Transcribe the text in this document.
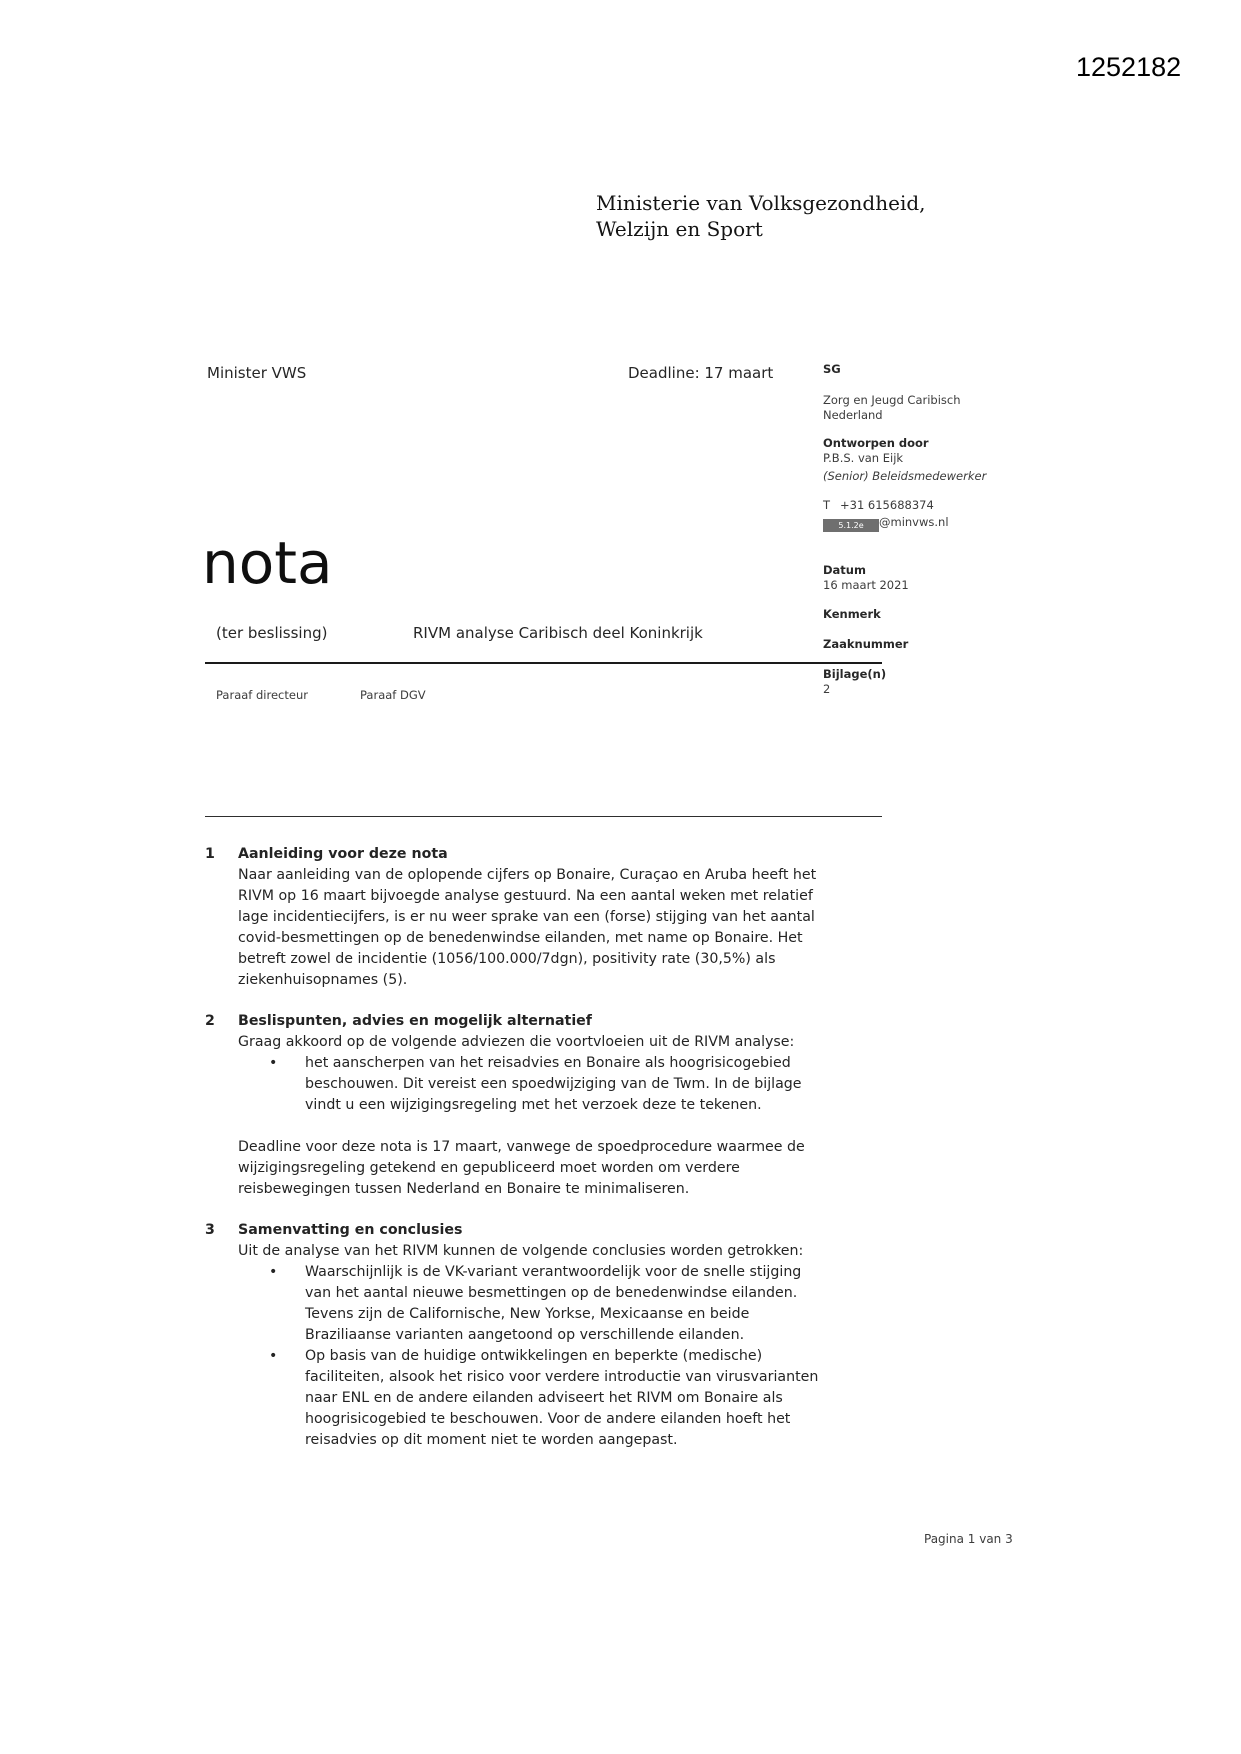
1252182
Ministerie van Volksgezondheid,
Welzijn en Sport
Minister VWS	Deadline: 17 maart	SG
Zorg en Jeugd Caribisch Nederland
Ontworpen door
P.B.S. van Eijk
(Senior) Beleidsmedewerker
T +31 615688374
5.1.2e @minvws.nl
Datum
16 maart 2021
Kenmerk
Zaaknummer
Bijlage(n)
2
nota
(ter beslissing)	RIVM analyse Caribisch deel Koninkrijk
Paraaf directeur	Paraaf DGV
1	Aanleiding voor deze nota

Naar aanleiding van de oplopende cijfers op Bonaire, Curaçao en Aruba heeft het RIVM op 16 maart bijvoegde analyse gestuurd. Na een aantal weken met relatief lage incidentiecijfers, is er nu weer sprake van een (forse) stijging van het aantal covid-besmettingen op de benedenwindse eilanden, met name op Bonaire. Het betreft zowel de incidentie (1056/100.000/7dgn), positivity rate (30,5%) als ziekenhuisopnames (5).

2	Beslispunten, advies en mogelijk alternatief

Graag akkoord op de volgende adviezen die voortvloeien uit de RIVM analyse:

• het aanscherpen van het reisadvies en Bonaire als hoogrisicogebied beschouwen. Dit vereist een spoedwijziging van de Twm. In de bijlage vindt u een wijzigingsregeling met het verzoek deze te tekenen.

Deadline voor deze nota is 17 maart, vanwege de spoedprocedure waarmee de wijzigingsregeling getekend en gepubliceerd moet worden om verdere reisbewegingen tussen Nederland en Bonaire te minimaliseren.

3	Samenvatting en conclusies

Uit de analyse van het RIVM kunnen de volgende conclusies worden getrokken:

• Waarschijnlijk is de VK-variant verantwoordelijk voor de snelle stijging van het aantal nieuwe besmettingen op de benedenwindse eilanden. Tevens zijn de Californische, New Yorkse, Mexicaanse en beide Braziliaanse varianten aangetoond op verschillende eilanden.
• Op basis van de huidige ontwikkelingen en beperkte (medische) faciliteiten, alsook het risico voor verdere introductie van virusvarianten naar ENL en de andere eilanden adviseert het RIVM om Bonaire als hoogrisicogebied te beschouwen. Voor de andere eilanden hoeft het reisadvies op dit moment niet te worden aangepast.
Pagina 1 van 3
